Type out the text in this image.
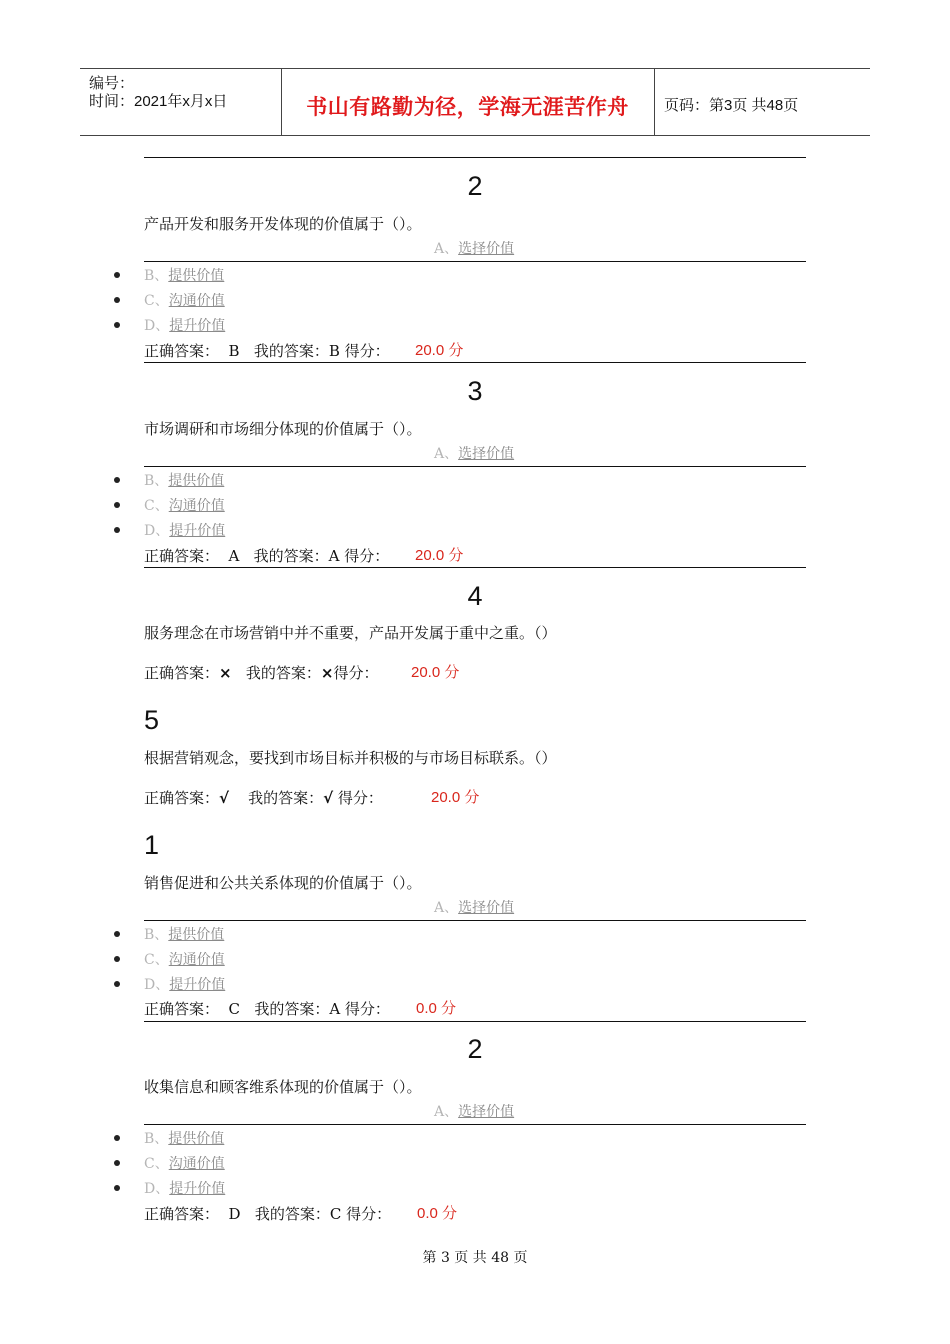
编号：
时间：2021年x月x日	书山有路勤为径，学海无涯苦作舟	页码：第3页 共48页
2
产品开发和服务开发体现的价值属于（）。
A、选择价值
B、提供价值
C、沟通价值
D、提升价值
正确答案：  B   我的答案：B 得分： 20.0 分
3
市场调研和市场细分体现的价值属于（）。
A、选择价值
B、提供价值
C、沟通价值
D、提升价值
正确答案：  A   我的答案：A 得分： 20.0 分
4
服务理念在市场营销中并不重要，产品开发属于重中之重。（）
正确答案：×   我的答案：×得分： 20.0 分
5
根据营销观念，要找到市场目标并积极的与市场目标联系。（）
正确答案：√    我的答案：√ 得分：	20.0 分
1
销售促进和公共关系体现的价值属于（）。
A、选择价值
B、提供价值
C、沟通价值
D、提升价值
正确答案：  C   我的答案：A 得分： 0.0 分
2
收集信息和顾客维系体现的价值属于（）。
A、选择价值
B、提供价值
C、沟通价值
D、提升价值
正确答案：  D   我的答案：C 得分： 0.0 分
第 3 页 共 48 页
